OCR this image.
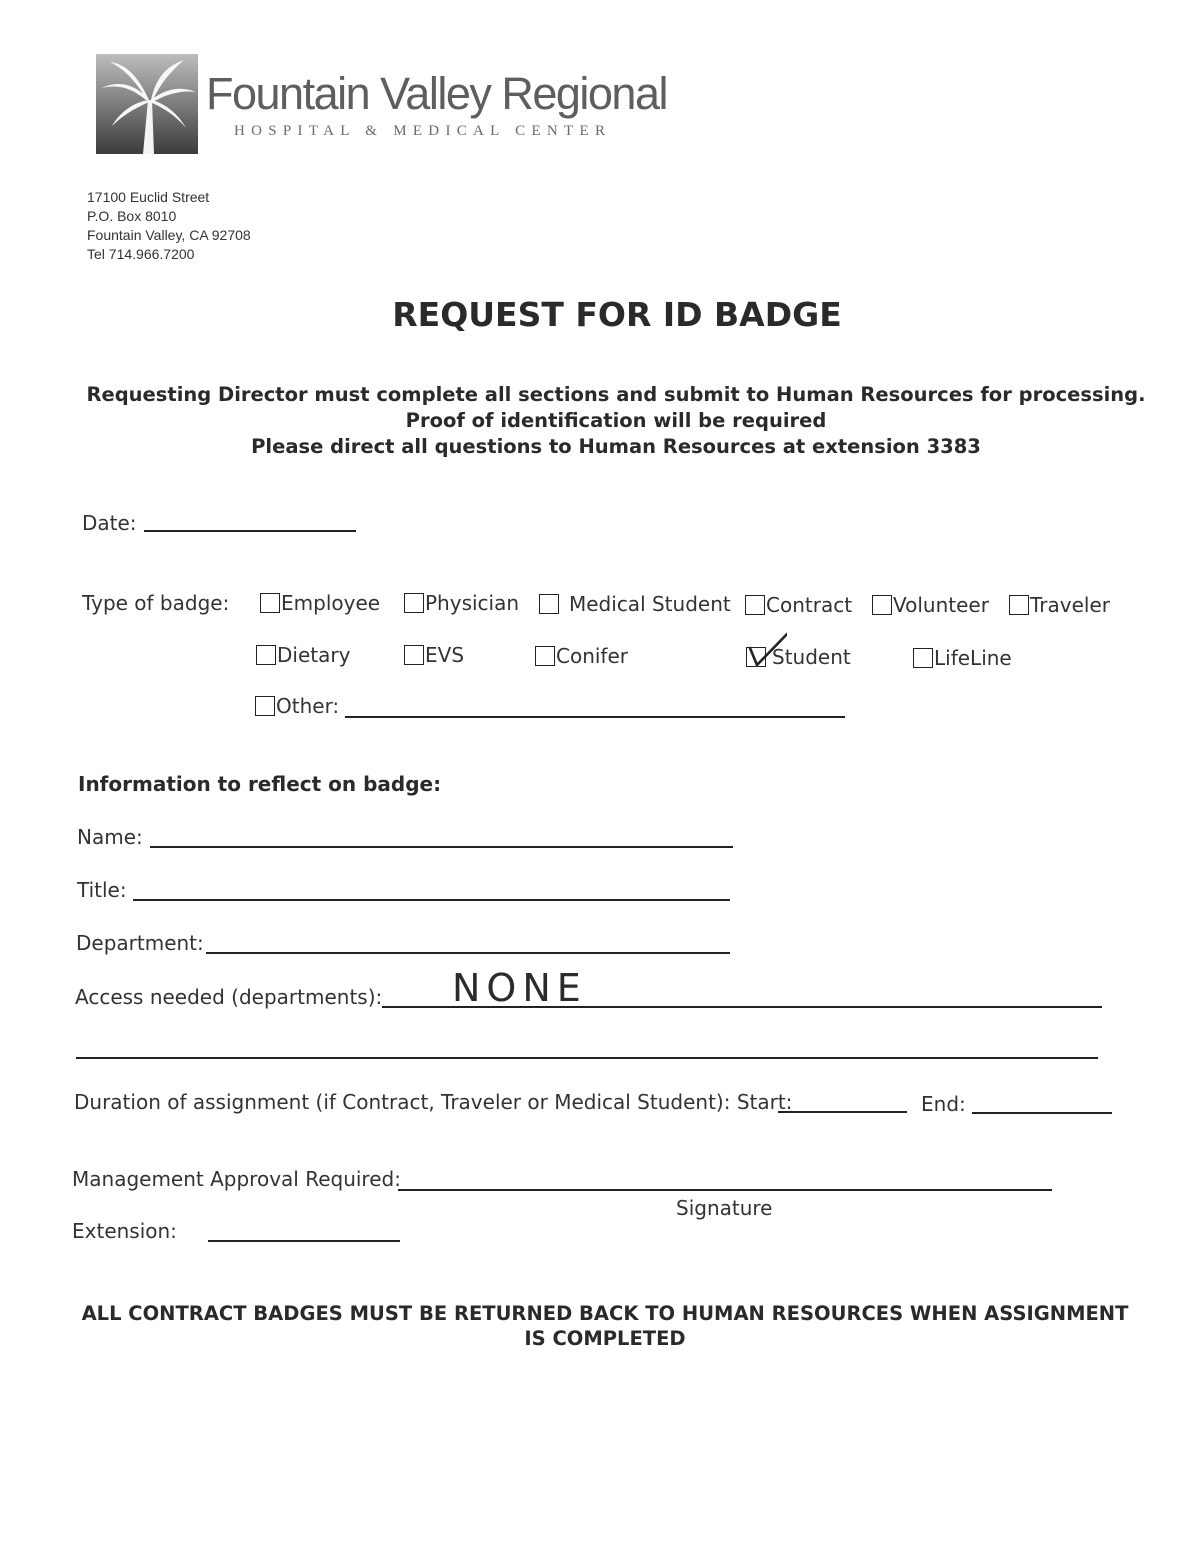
Fountain Valley Regional
HOSPITAL & MEDICAL CENTER
17100 Euclid Street
P.O. Box 8010
Fountain Valley, CA 92708
Tel 714.966.7200
REQUEST FOR ID BADGE
Requesting Director must complete all sections and submit to Human Resources for processing.
Proof of identification will be required
Please direct all questions to Human Resources at extension 3383
Date:
Type of badge:	Employee Physician Medical Student Contract Volunteer Traveler
Dietary	EVS	Conifer	Student	LifeLine
Other:
Information to reflect on badge:
Name:
Title:
Department:
Access needed (departments): NONE
Duration of assignment (if Contract, Traveler or Medical Student): Start:	End:
Management Approval Required:
Signature
Extension:
ALL CONTRACT BADGES MUST BE RETURNED BACK TO HUMAN RESOURCES WHEN ASSIGNMENT
IS COMPLETED
